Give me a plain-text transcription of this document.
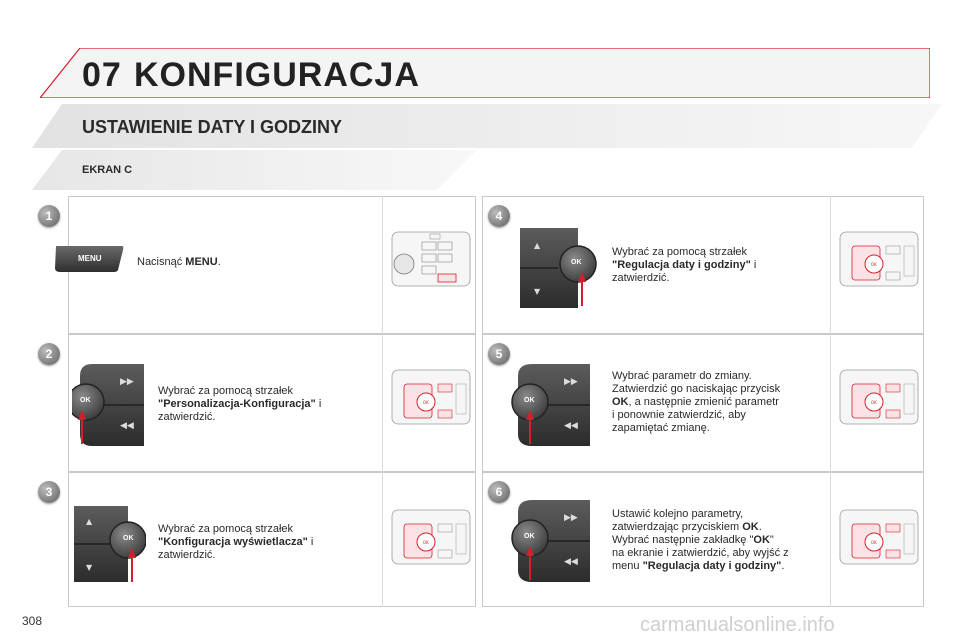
07 KONFIGURACJA
USTAWIENIE DATY I GODZINY
EKRAN C
1
2
3
4
5
6
MENU
▶▶
◀◀
OK
▲
▼
OK
▲
▼
OK
▶▶
◀◀
OK
▶▶
◀◀
OK
Nacisnąć MENU.
Wybrać za pomocą strzałek
"Personalizacja-Konfiguracja" i
zatwierdzić.
Wybrać za pomocą strzałek
"Konfiguracja wyświetlacza" i
zatwierdzić.
Wybrać za pomocą strzałek
"Regulacja daty i godziny" i
zatwierdzić.
Wybrać parametr do zmiany.
Zatwierdzić go naciskając przycisk
OK, a następnie zmienić parametr
i ponownie zatwierdzić, aby
zapamiętać zmianę.
Ustawić kolejno parametry,
zatwierdzając przyciskiem OK.
Wybrać następnie zakładkę "OK"
na ekranie i zatwierdzić, aby wyjść z
menu "Regulacja daty i godziny".
OK
OK
OK
OK
OK
308	carmanualsonline.info
